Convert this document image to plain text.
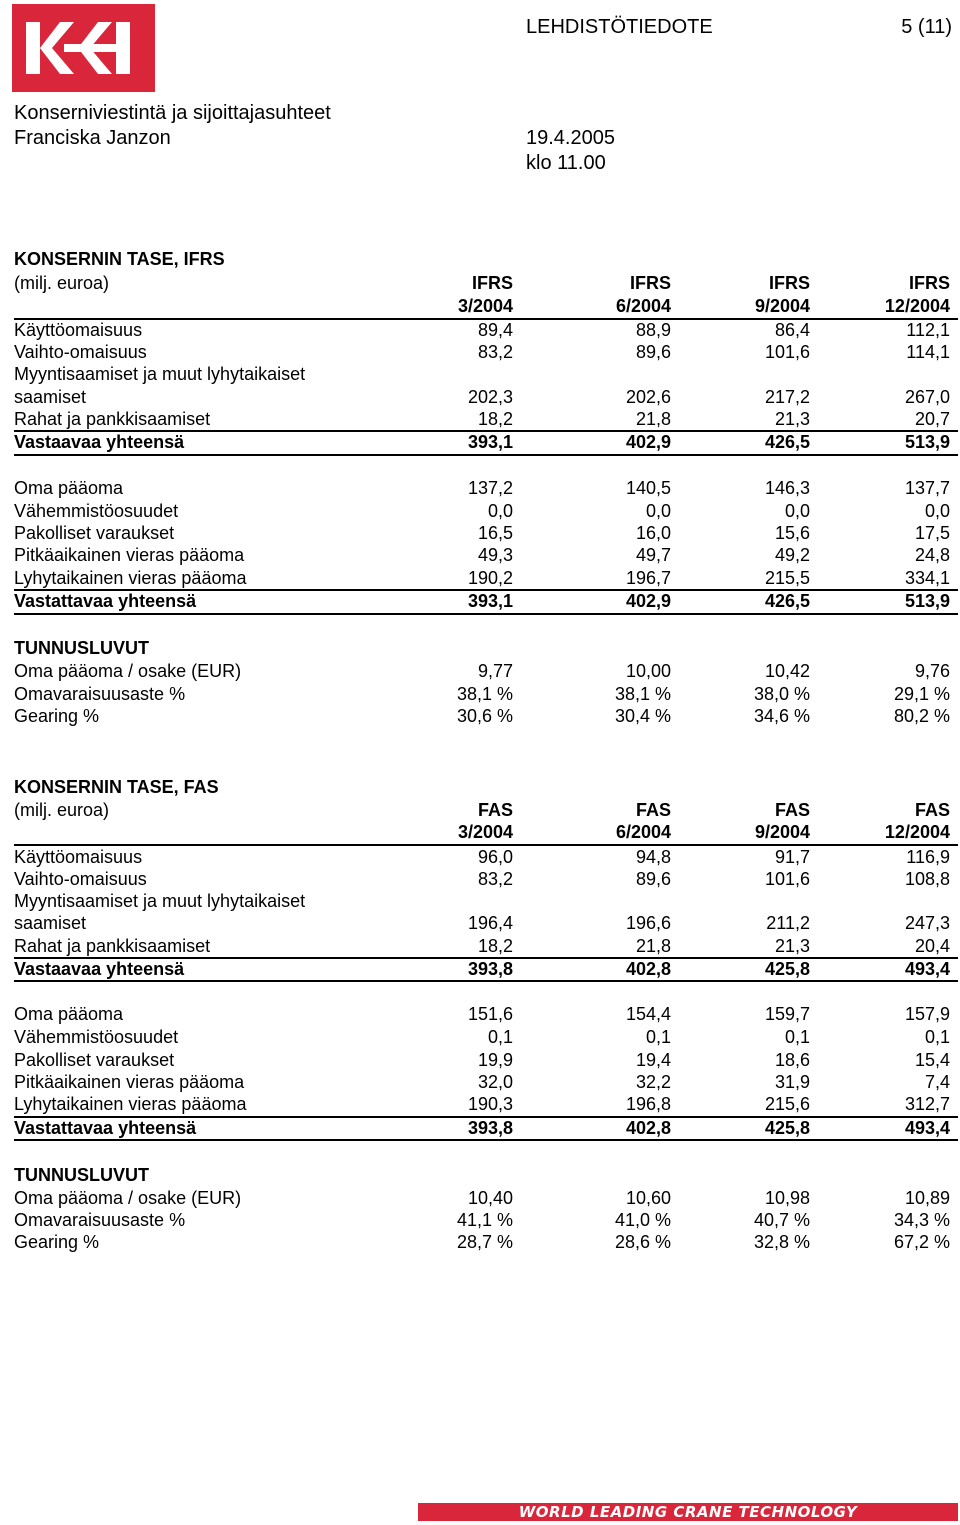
LEHDISTÖTIEDOTE	5 (11)
Konserniviestintä ja sijoittajasuhteet
Franciska Janzon	19.4.2005
klo 11.00
KONSERNIN TASE, IFRS
(milj. euroa)	IFRS	IFRS	IFRS	IFRS
3/2004	6/2004	9/2004	12/2004
Käyttöomaisuus	89,4	88,9	86,4	112,1
Vaihto-omaisuus	83,2	89,6	101,6	114,1
Myyntisaamiset ja muut lyhytaikaiset
saamiset	202,3	202,6	217,2	267,0
Rahat ja pankkisaamiset	18,2	21,8	21,3	20,7
Vastaavaa yhteensä	393,1	402,9	426,5	513,9
Oma pääoma	137,2	140,5	146,3	137,7
Vähemmistöosuudet	0,0	0,0	0,0	0,0
Pakolliset varaukset	16,5	16,0	15,6	17,5
Pitkäaikainen vieras pääoma	49,3	49,7	49,2	24,8
Lyhytaikainen vieras pääoma	190,2	196,7	215,5	334,1
Vastattavaa yhteensä	393,1	402,9	426,5	513,9
TUNNUSLUVUT
Oma pääoma / osake (EUR)	9,77	10,00	10,42	9,76
Omavaraisuusaste %	38,1 %	38,1 %	38,0 %	29,1 %
Gearing %	30,6 %	30,4 %	34,6 %	80,2 %
KONSERNIN TASE, FAS
(milj. euroa)	FAS	FAS	FAS	FAS
3/2004	6/2004	9/2004	12/2004
Käyttöomaisuus	96,0	94,8	91,7	116,9
Vaihto-omaisuus	83,2	89,6	101,6	108,8
Myyntisaamiset ja muut lyhytaikaiset
saamiset	196,4	196,6	211,2	247,3
Rahat ja pankkisaamiset	18,2	21,8	21,3	20,4
Vastaavaa yhteensä	393,8	402,8	425,8	493,4
Oma pääoma	151,6	154,4	159,7	157,9
Vähemmistöosuudet	0,1	0,1	0,1	0,1
Pakolliset varaukset	19,9	19,4	18,6	15,4
Pitkäaikainen vieras pääoma	32,0	32,2	31,9	7,4
Lyhytaikainen vieras pääoma	190,3	196,8	215,6	312,7
Vastattavaa yhteensä	393,8	402,8	425,8	493,4
TUNNUSLUVUT
Oma pääoma / osake (EUR)	10,40	10,60	10,98	10,89
Omavaraisuusaste %	41,1 %	41,0 %	40,7 %	34,3 %
Gearing %	28,7 %	28,6 %	32,8 %	67,2 %
WORLD LEADING CRANE TECHNOLOGY
